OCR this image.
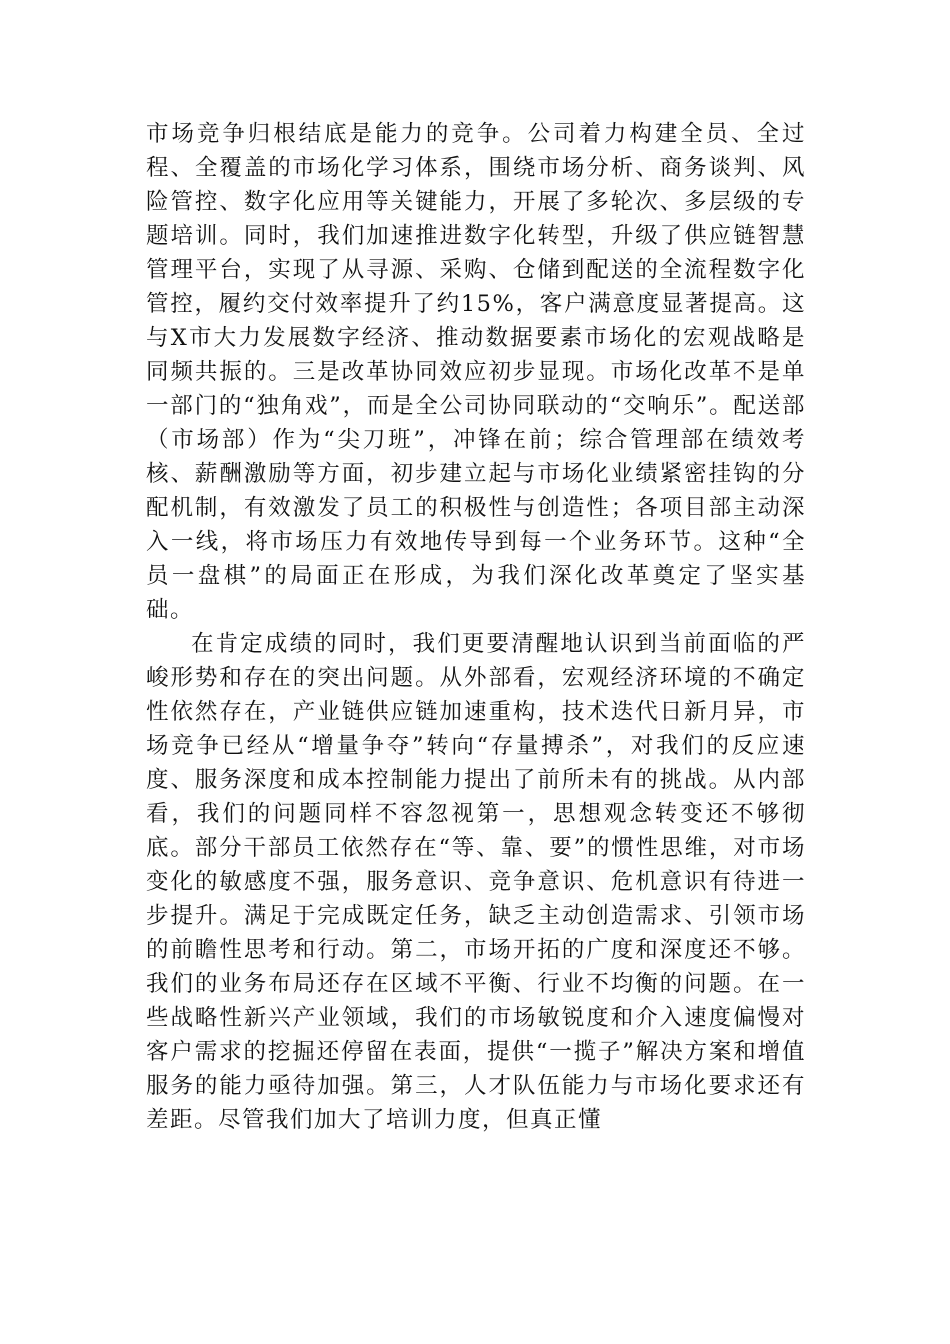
市场竞争归根结底是能力的竞争。公司着力构建全员、全过程、全覆盖的市场化学习体系，围绕市场分析、商务谈判、风险管控、数字化应用等关键能力，开展了多轮次、多层级的专题培训。同时，我们加速推进数字化转型，升级了供应链智慧管理平台，实现了从寻源、采购、仓储到配送的全流程数字化管控，履约交付效率提升了约15%，客户满意度显著提高。这与X市大力发展数字经济、推动数据要素市场化的宏观战略是同频共振的。三是改革协同效应初步显现。市场化改革不是单一部门的“独角戏”，而是全公司协同联动的“交响乐”。配送部（市场部）作为“尖刀班”，冲锋在前；综合管理部在绩效考核、薪酬激励等方面，初步建立起与市场化业绩紧密挂钩的分配机制，有效激发了员工的积极性与创造性；各项目部主动深入一线，将市场压力有效地传导到每一个业务环节。这种“全员一盘棋”的局面正在形成，为我们深化改革奠定了坚实基础。

在肯定成绩的同时，我们更要清醒地认识到当前面临的严峻形势和存在的突出问题。从外部看，宏观经济环境的不确定性依然存在，产业链供应链加速重构，技术迭代日新月异，市场竞争已经从“增量争夺”转向“存量搏杀”，对我们的反应速度、服务深度和成本控制能力提出了前所未有的挑战。从内部看，我们的问题同样不容忽视第一，思想观念转变还不够彻底。部分干部员工依然存在“等、靠、要”的惯性思维，对市场变化的敏感度不强，服务意识、竞争意识、危机意识有待进一步提升。满足于完成既定任务，缺乏主动创造需求、引领市场的前瞻性思考和行动。第二，市场开拓的广度和深度还不够。我们的业务布局还存在区域不平衡、行业不均衡的问题。在一些战略性新兴产业领域，我们的市场敏锐度和介入速度偏慢对客户需求的挖掘还停留在表面，提供“一揽子”解决方案和增值服务的能力亟待加强。第三，人才队伍能力与市场化要求还有差距。尽管我们加大了培训力度，但真正懂
